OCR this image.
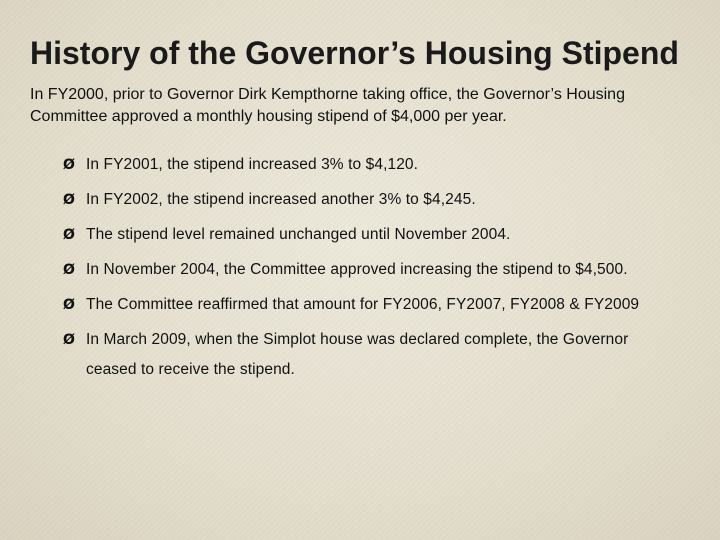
History of the Governor’s Housing Stipend

In FY2000, prior to Governor Dirk Kempthorne taking office, the Governor’s Housing Committee approved a monthly housing stipend of $4,000 per year.

Ø In FY2001, the stipend increased 3% to $4,120.
Ø In FY2002, the stipend increased another 3% to $4,245.
Ø The stipend level remained unchanged until November 2004.
Ø In November 2004, the Committee approved increasing the stipend to $4,500.
Ø The Committee reaffirmed that amount for FY2006, FY2007, FY2008 & FY2009
Ø In March 2009, when the Simplot house was declared complete, the Governor ceased to receive the stipend.
